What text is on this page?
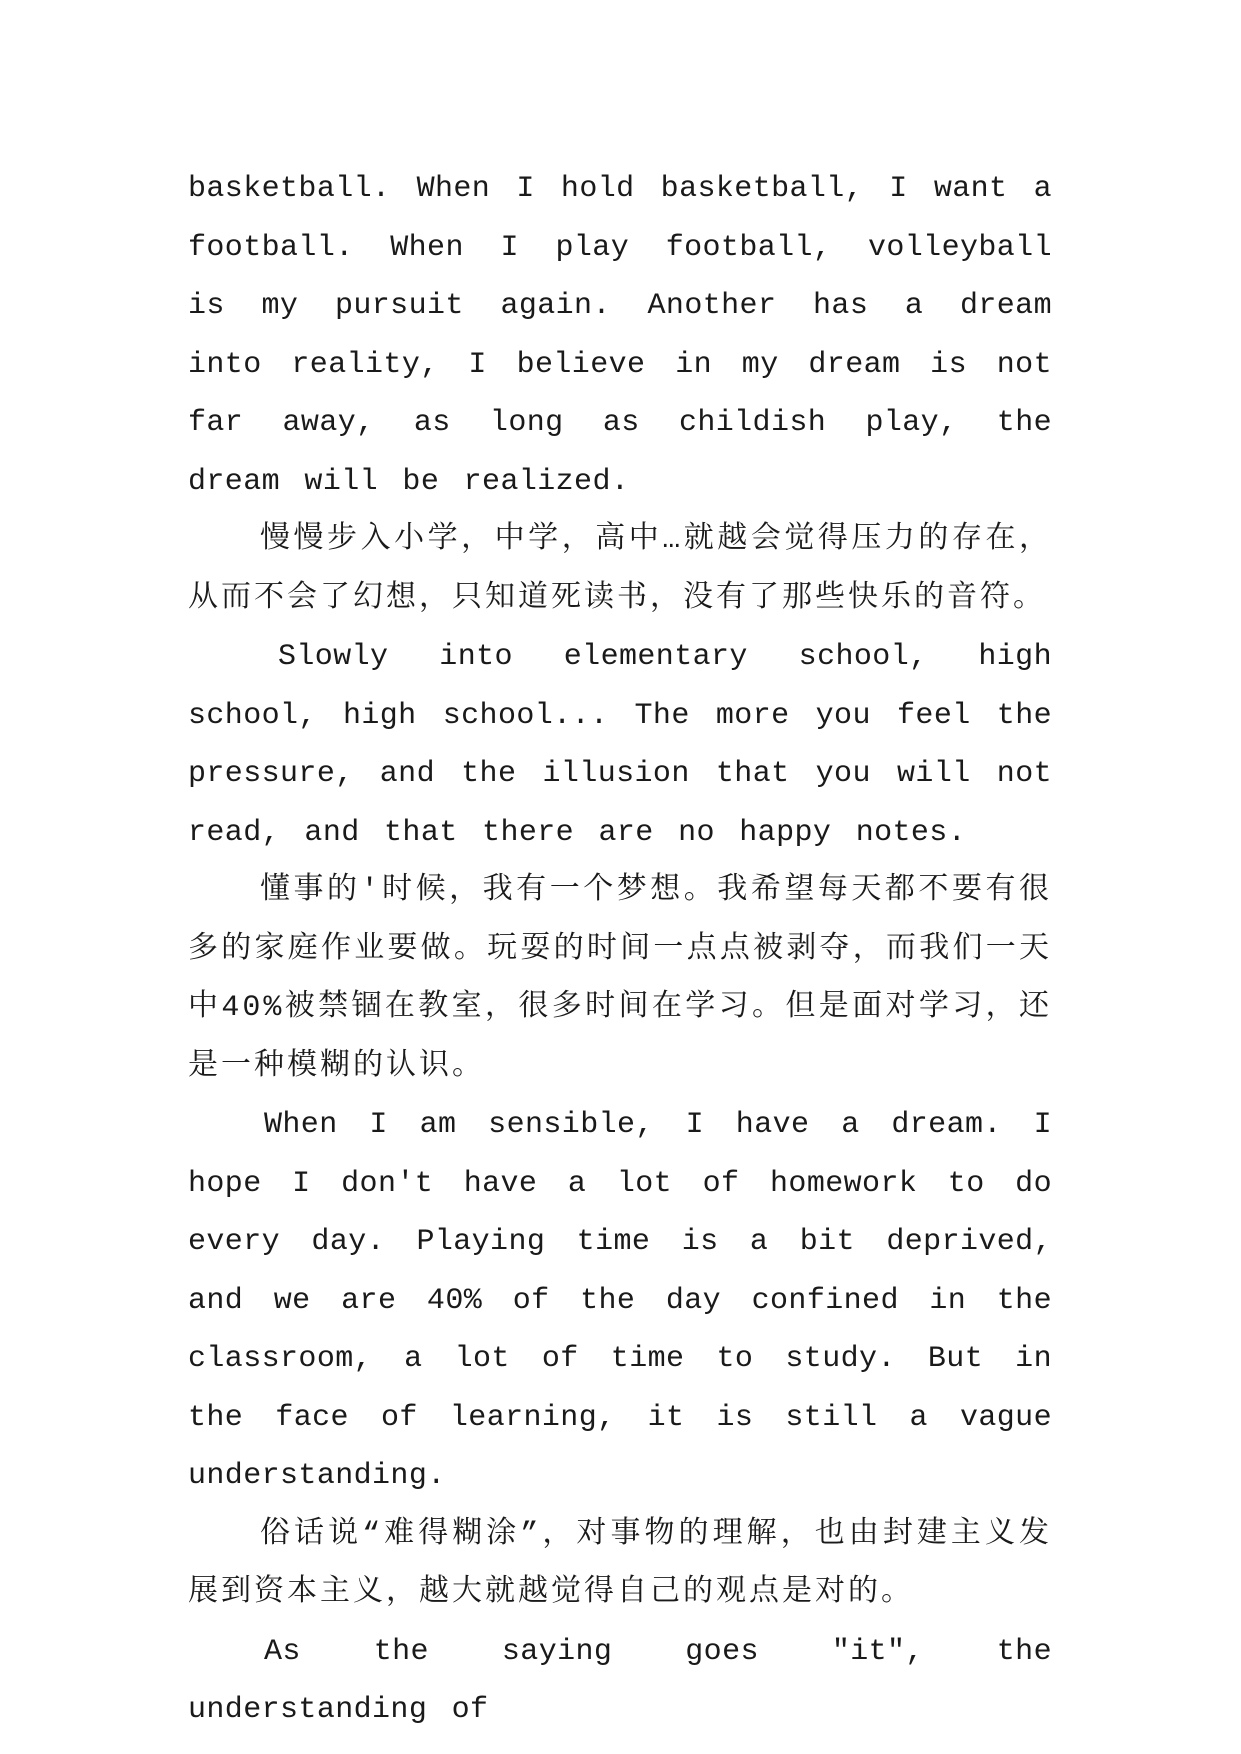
basketball. When I hold basketball, I want a football. When I play football, volleyball is my pursuit again. Another has a dream into reality, I believe in my dream is not far away, as long as childish play, the dream will be realized.

慢慢步入小学，中学，高中…就越会觉得压力的存在，从而不会了幻想，只知道死读书，没有了那些快乐的音符。

Slowly into elementary school, high school, high school... The more you feel the pressure, and the illusion that you will not read, and that there are no happy notes.

懂事的'时候，我有一个梦想。我希望每天都不要有很多的家庭作业要做。玩耍的时间一点点被剥夺，而我们一天中40%被禁锢在教室，很多时间在学习。但是面对学习，还是一种模糊的认识。

When I am sensible, I have a dream. I hope I don't have a lot of homework to do every day. Playing time is a bit deprived, and we are 40% of the day confined in the classroom, a lot of time to study. But in the face of learning, it is still a vague understanding.

俗话说“难得糊涂”，对事物的理解，也由封建主义发展到资本主义，越大就越觉得自己的观点是对的。

As the saying goes "it", the understanding of
